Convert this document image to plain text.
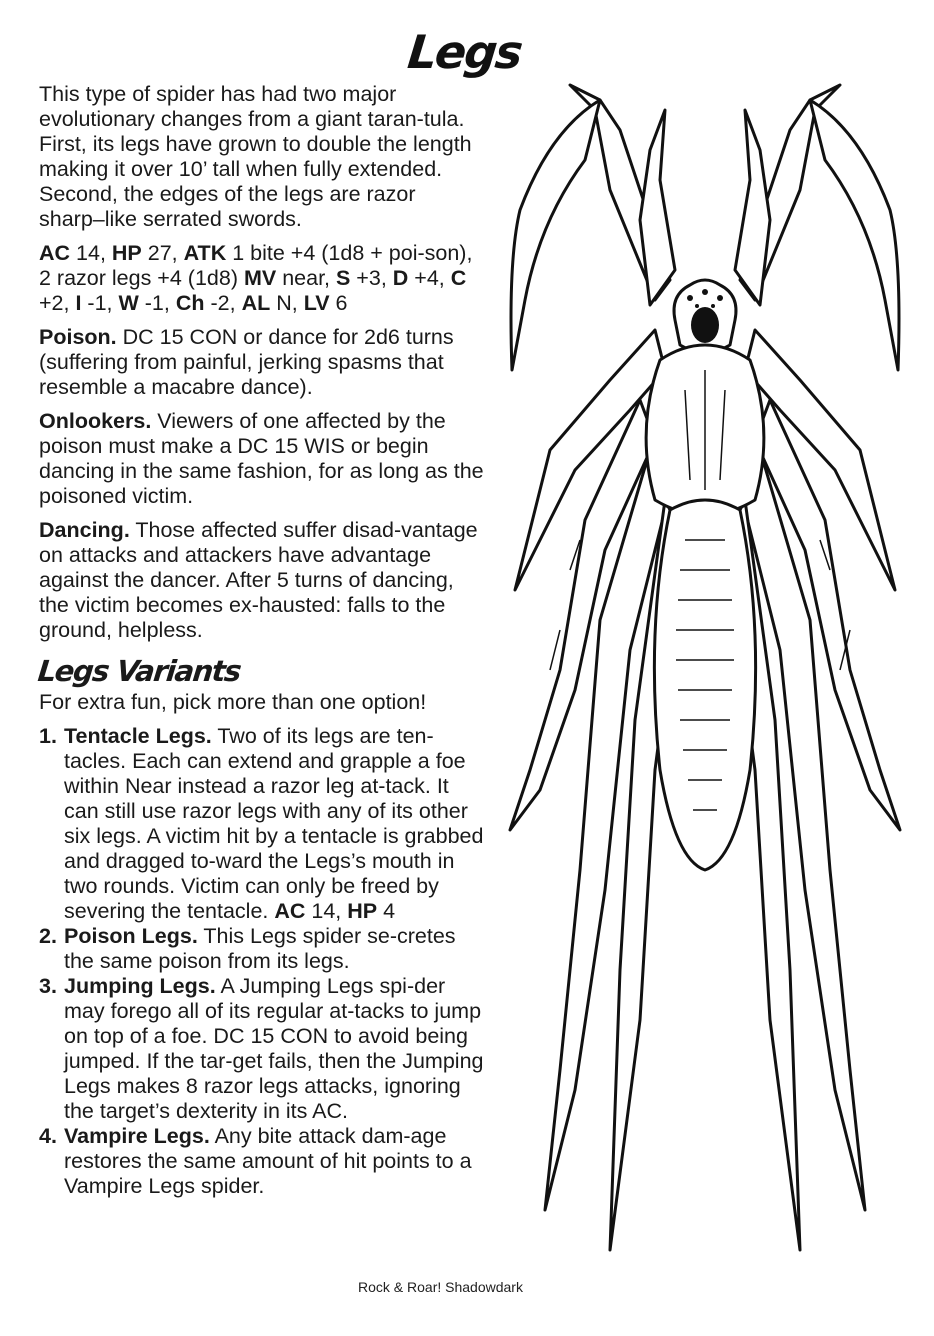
Legs

This type of spider has had two major evolutionary changes from a giant taran-tula. First, its legs have grown to double the length making it over 10’ tall when fully extended. Second, the edges of the legs are razor sharp–like serrated swords.

AC 14, HP 27, ATK 1 bite +4 (1d8 + poi-son), 2 razor legs +4 (1d8) MV near, S +3, D +4, C +2, I -1, W -1, Ch -2, AL N, LV 6

Poison. DC 15 CON or dance for 2d6 turns (suffering from painful, jerking spasms that resemble a macabre dance).

Onlookers. Viewers of one affected by the poison must make a DC 15 WIS or begin dancing in the same fashion, for as long as the poisoned victim.

Dancing. Those affected suffer disad-vantage on attacks and attackers have advantage against the dancer. After 5 turns of dancing, the victim becomes ex-hausted: falls to the ground, helpless.

Legs Variants

For extra fun, pick more than one option!

1. Tentacle Legs. Two of its legs are ten-tacles. Each can extend and grapple a foe within Near instead a razor leg at-tack. It can still use razor legs with any of its other six legs. A victim hit by a tentacle is grabbed and dragged to-ward the Legs’s mouth in two rounds. Victim can only be freed by severing the tentacle. AC 14, HP 4
2. Poison Legs. This Legs spider se-cretes the same poison from its legs.
3. Jumping Legs. A Jumping Legs spi-der may forego all of its regular at-tacks to jump on top of a foe. DC 15 CON to avoid being jumped. If the tar-get fails, then the Jumping Legs makes 8 razor legs attacks, ignoring the target’s dexterity in its AC.
4. Vampire Legs. Any bite attack dam-age restores the same amount of hit points to a Vampire Legs spider.
Rock & Roar! Shadowdark
